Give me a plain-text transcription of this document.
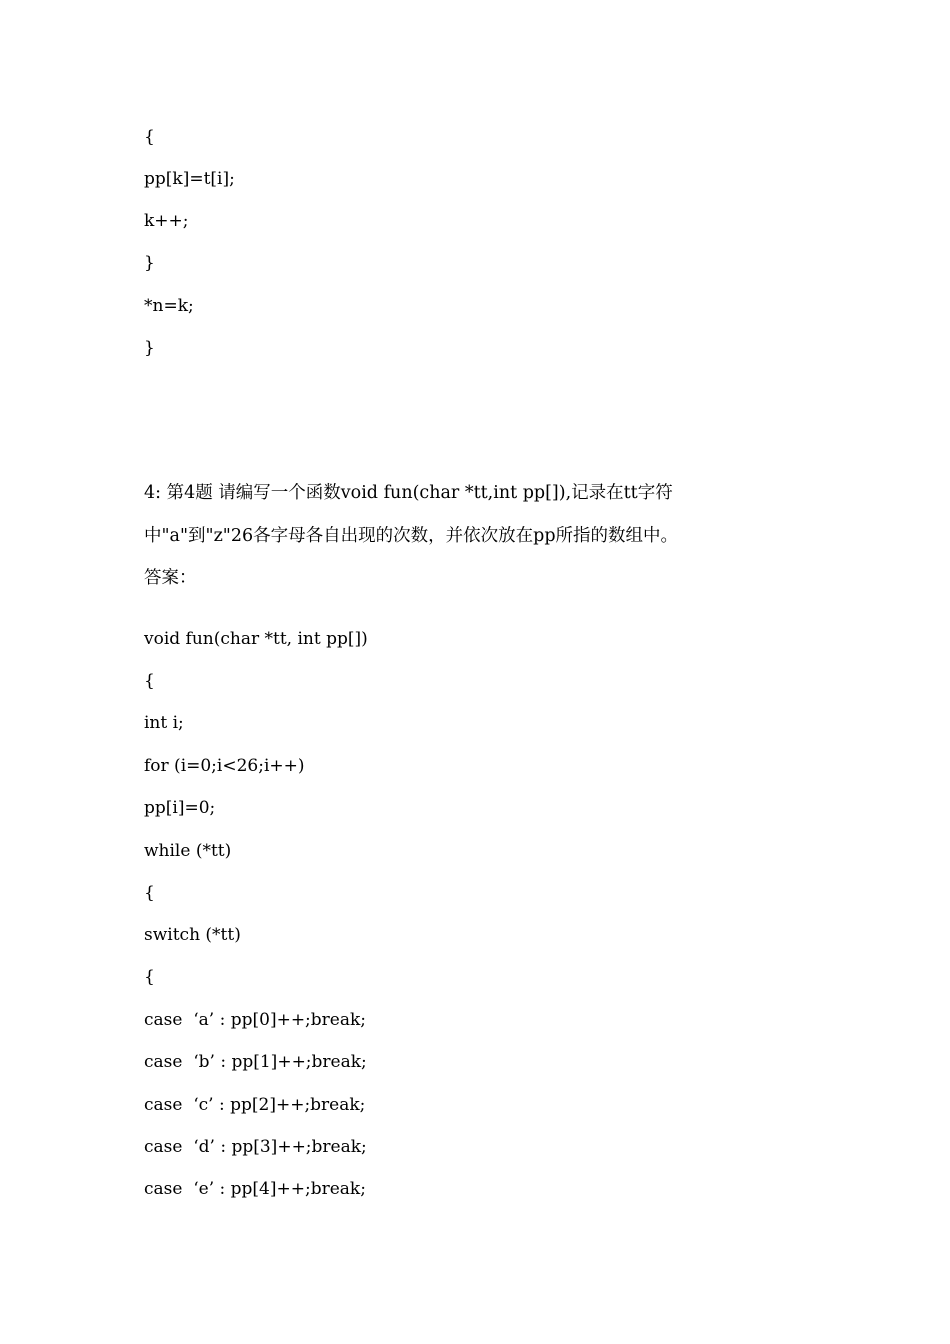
{

pp[k]=t[i];

k++;

}

*n=k;

}

4: 第4题 请编写一个函数void fun(char *tt,int pp[]),记录在tt字符

中"a"到"z"26各字母各自出现的次数，并依次放在pp所指的数组中。

答案：

void fun(char *tt, int pp[])

{

int i;

for (i=0;i<26;i++)

pp[i]=0;

while (*tt)

{

switch (*tt)

{

case  ‘a’ : pp[0]++;break;

case  ‘b’ : pp[1]++;break;

case  ‘c’ : pp[2]++;break;

case  ‘d’ : pp[3]++;break;

case  ‘e’ : pp[4]++;break;
